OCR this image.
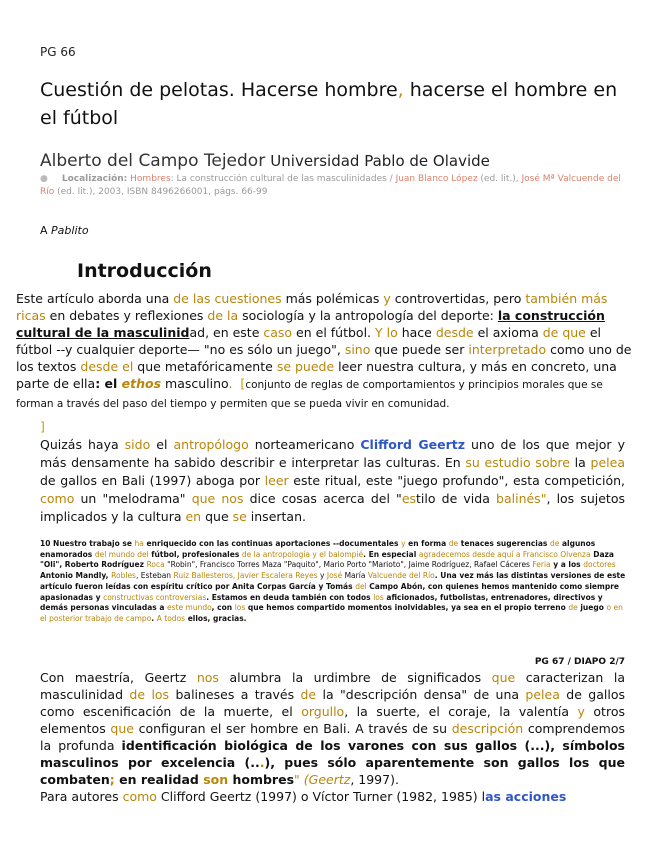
PG 66
Cuestión de pelotas. Hacerse hombre, hacerse el hombre en el fútbol
Alberto del Campo Tejedor Universidad Pablo de Olavide
● Localización: Hombres: La construcción cultural de las masculinidades / Juan Blanco López (ed. lit.), José Mª Valcuende del Río (ed. lit.), 2003, ISBN 8496266001, págs. 66-99
A Pablito
Introducción

Este artículo aborda una de las cuestiones más polémicas y controvertidas, pero también más ricas en debates y reflexiones de la sociología y la antropología del deporte: la construcción cultural de la masculinidad, en este caso en el fútbol. Y lo hace desde el axioma de que el fútbol --y cualquier deporte— "no es sólo un juego", sino que puede ser interpretado como uno de los textos desde el que metafóricamente se puede leer nuestra cultura, y más en concreto, una parte de ella: el ethos masculino. [conjunto de reglas de comportamientos y principios morales que se forman a través del paso del tiempo y permiten que se pueda vivir en comunidad.

]
Quizás haya sido el antropólogo norteamericano Clifford Geertz uno de los que mejor y más densamente ha sabido describir e interpretar las culturas. En su estudio sobre la pelea de gallos en Bali (1997) aboga por leer este ritual, este "juego profundo", esta competición, como un "melodrama" que nos dice cosas acerca del "estilo de vida balinés", los sujetos implicados y la cultura en que se insertan.

10 Nuestro trabajo se ha enriquecido con las continuas aportaciones --documentales y en forma de tenaces sugerencias de algunos enamorados del mundo del fútbol, profesionales de la antropología y el balompié. En especial agradecemos desde aquí a Francisco Olvenza Daza "Oli", Roberto Rodríguez Roca "Robin", Francisco Torres Maza "Paquito", Mario Porto "Marioto", Jaime Rodríguez, Rafael Cáceres Feria y a los doctores Antonio Mandly, Robles, Esteban Ruiz Ballesteros, Javier Escalera Reyes y José María Valcuende del Río. Una vez más las distintas versiones de este artículo fueron leídas con espíritu crítico por Anita Corpas García y Tomás del Campo Abón, con quienes hemos mantenido como siempre apasionadas y constructivas controversias. Estamos en deuda también con todos los aficionados, futbolistas, entrenadores, directivos y demás personas vinculadas a este mundo, con los que hemos compartido momentos inolvidables, ya sea en el propio terreno de juego o en el posterior trabajo de campo. A todos ellos, gracias.

PG 67 / DIAPO 2/7

Con maestría, Geertz nos alumbra la urdimbre de significados que caracterizan la masculinidad de los balineses a través de la "descripción densa" de una pelea de gallos como escenificación de la muerte, el orgullo, la suerte, el coraje, la valentía y otros elementos que configuran el ser hombre en Bali. A través de su descripción comprendemos la profunda identificación biológica de los varones con sus gallos (...), símbolos masculinos por excelencia (...), pues sólo aparentemente son gallos los que combaten; en realidad son hombres" (Geertz, 1997).
Para autores como Clifford Geertz (1997) o Víctor Turner (1982, 1985) las acciones
